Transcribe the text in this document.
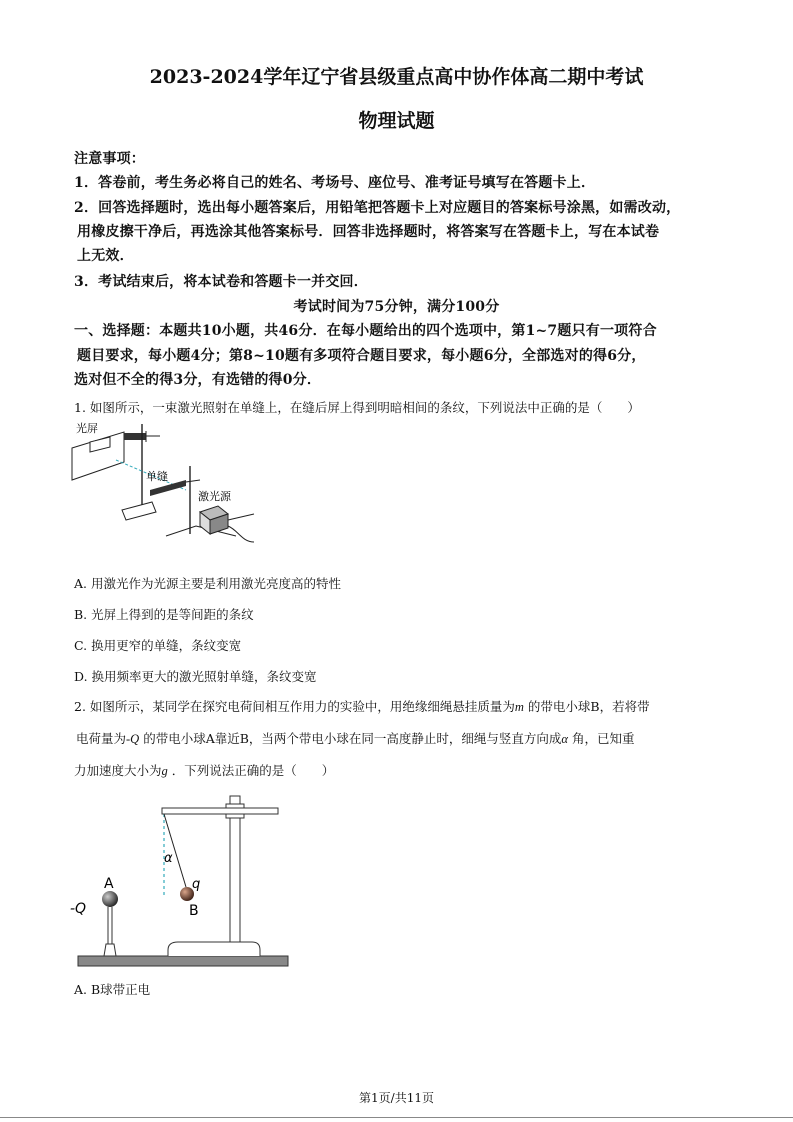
2023-2024学年辽宁省县级重点高中协作体高二期中考试
物理试题
注意事项：
1．答卷前，考生务必将自己的姓名、考场号、座位号、准考证号填写在答题卡上．
2．回答选择题时，选出每小题答案后，用铅笔把答题卡上对应题目的答案标号涂黑，如需改动，
用橡皮擦干净后，再选涂其他答案标号．回答非选择题时，将答案写在答题卡上，写在本试卷
上无效．
3．考试结束后，将本试卷和答题卡一并交回．
考试时间为75分钟，满分100分
一、选择题：本题共10小题，共46分．在每小题给出的四个选项中，第1~7题只有一项符合
题目要求，每小题4分；第8~10题有多项符合题目要求，每小题6分，全部选对的得6分，
选对但不全的得3分，有选错的得0分．
1. 如图所示，一束激光照射在单缝上，在缝后屏上得到明暗相间的条纹，下列说法中正确的是（　　）
光屏
单缝
激光源
A. 用激光作为光源主要是利用激光亮度高的特性
B. 光屏上得到的是等间距的条纹
C. 换用更窄的单缝，条纹变宽
D. 换用频率更大的激光照射单缝，条纹变宽
2. 如图所示，某同学在探究电荷间相互作用力的实验中，用绝缘细绳悬挂质量为m 的带电小球B，若将带
电荷量为-Q 的带电小球A靠近B，当两个带电小球在同一高度静止时，细绳与竖直方向成α 角，已知重
力加速度大小为g ．下列说法正确的是（　　）
α
q
B
A
-Q
A. B球带正电
第1页/共11页
